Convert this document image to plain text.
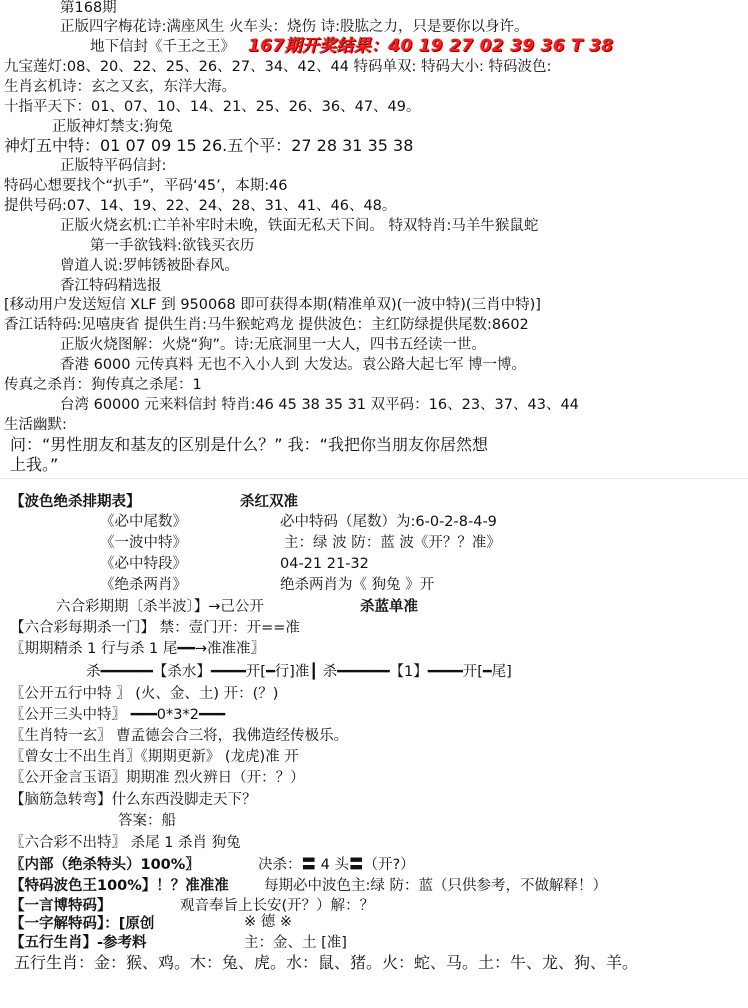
第168期
正版四字梅花诗:满座风生 火车头：烧伤 诗:股肱之力，只是要你以身许。
地下信封《千王之王》 167期开奖结果：40 19 27 02 39 36 T 38
九宝莲灯:08、20、22、25、26、27、34、42、44 特码单双: 特码大小: 特码波色:
生肖玄机诗：玄之又玄，东洋大海。
十指平天下：01、07、10、14、21、25、26、36、47、49。
正版神灯禁支:狗兔
神灯五中特：01 07 09 15 26.五个平：27 28 31 35 38
正版特平码信封:
特码心想要找个“扒手”，平码‘45’，本期:46
提供号码:07、14、19、22、24、28、31、41、46、48。
正版火烧玄机:亡羊补牢时未晚，铁面无私天下间。 特双特肖:马羊牛猴鼠蛇
第一手欲钱料:欲钱买衣历
曾道人说:罗帏锈被卧春风。
香江特码精选报
[移动用户发送短信 XLF 到 950068 即可获得本期(精准单双)(一波中特)(三肖中特)]
香江话特码:见嘻庚省 提供生肖:马牛猴蛇鸡龙 提供波色：主红防绿提供尾数:8602
正版火烧图解：火烧“狗”。诗:无底洞里一大人，四书五经读一世。
香港 6000 元传真料 无也不入小人到 大发达。袁公路大起七军 博一博。
传真之杀肖：狗传真之杀尾：1
台湾 60000 元来料信封 特肖:46 45 38 35 31 双平码：16、23、37、43、44
生活幽默:
问：“男性朋友和基友的区别是什么？” 我：“我把你当朋友你居然想
上我。”
【波色绝杀排期表】	杀红双准
《必中尾数》	必中特码（尾数）为:6-0-2-8-4-9
《一波中特》	主：绿 波 防：蓝 波《开？？准》
《必中特段》	04-21 21-32
《绝杀两肖》	绝杀两肖为《 狗兔 》开
六合彩期期〔杀半波〕】→己公开	杀蓝单准
【六合彩每期杀一门】 禁：壹门开：开==准
〖期期精杀 1 行与杀 1 尾━━→准准准〗
杀━━━━━━【杀水】━━━━开[━行]准┃ 杀━━━━━━【1】━━━━开[━尾]
〖公开五行中特 〗 (火、金、土) 开：(？)
〖公开三头中特〗 ━━━0*3*2━━━
〖生肖特一玄〗 曹孟德会合三将，我佛造经传极乐。
〖曾女士不出生肖〗《期期更新》 (龙虎)准 开
〖公开金言玉语〗期期准 烈火辨日（开：？）
【脑筋急转弯】什么东西没脚走天下？
答案：船
〖六合彩不出特〗 杀尾 1 杀肖 狗兔
〖内部（绝杀特头）100%〗	决杀：〓 4 头〓（开?）
【特码波色王100%】！？准准准 每期必中波色主:绿 防：蓝（只供参考，不做解释！）
【一言博特码】	观音奉旨上长安(开？）解：？
【一字解特码】：[原创	※ 德 ※
【五行生肖】-参考料	主：金、土 [准]
五行生肖：金：猴、鸡。木：兔、虎。水：鼠、猪。火：蛇、马。土：牛、龙、狗、羊。
